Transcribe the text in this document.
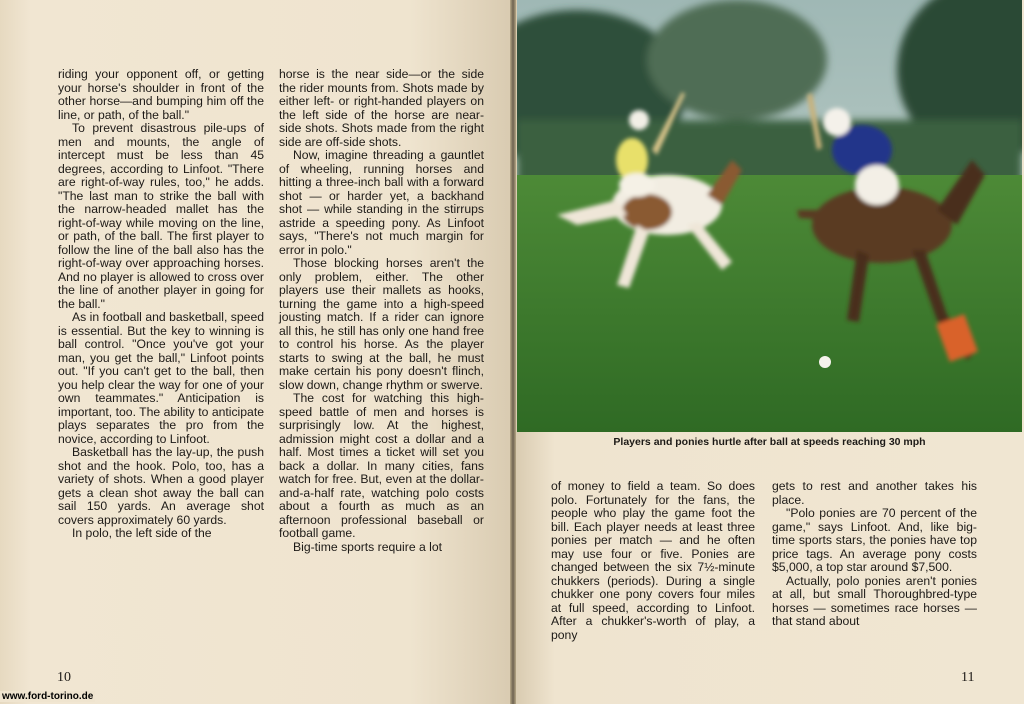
riding your opponent off, or getting your horse's shoulder in front of the other horse—and bumping him off the line, or path, of the ball."

To prevent disastrous pile-ups of men and mounts, the angle of intercept must be less than 45 degrees, according to Linfoot. "There are right-of-way rules, too," he adds. "The last man to strike the ball with the narrow-headed mallet has the right-of-way while moving on the line, or path, of the ball. The first player to follow the line of the ball also has the right-of-way over approaching horses. And no player is allowed to cross over the line of another player in going for the ball."

As in football and basketball, speed is essential. But the key to winning is ball control. "Once you've got your man, you get the ball," Linfoot points out. "If you can't get to the ball, then you help clear the way for one of your own teammates." Anticipation is important, too. The ability to anticipate plays separates the pro from the novice, according to Linfoot.

Basketball has the lay-up, the push shot and the hook. Polo, too, has a variety of shots. When a good player gets a clean shot away the ball can sail 150 yards. An average shot covers approximately 60 yards.

In polo, the left side of the

horse is the near side—or the side the rider mounts from. Shots made by either left- or right-handed players on the left side of the horse are near-side shots. Shots made from the right side are off-side shots.

Now, imagine threading a gauntlet of wheeling, running horses and hitting a three-inch ball with a forward shot — or harder yet, a backhand shot — while standing in the stirrups astride a speeding pony. As Linfoot says, "There's not much margin for error in polo."

Those blocking horses aren't the only problem, either. The other players use their mallets as hooks, turning the game into a high-speed jousting match. If a rider can ignore all this, he still has only one hand free to control his horse. As the player starts to swing at the ball, he must make certain his pony doesn't flinch, slow down, change rhythm or swerve.

The cost for watching this high-speed battle of men and horses is surprisingly low. At the highest, admission might cost a dollar and a half. Most times a ticket will set you back a dollar. In many cities, fans watch for free. But, even at the dollar-and-a-half rate, watching polo costs about a fourth as much as an afternoon professional baseball or football game.

Big-time sports require a lot

Players and ponies hurtle after ball at speeds reaching 30 mph

of money to field a team. So does polo. Fortunately for the fans, the people who play the game foot the bill. Each player needs at least three ponies per match — and he often may use four or five. Ponies are changed between the six 7½-minute chukkers (periods). During a single chukker one pony covers four miles at full speed, according to Linfoot. After a chukker's-worth of play, a pony

gets to rest and another takes his place.

"Polo ponies are 70 percent of the game," says Linfoot. And, like big-time sports stars, the ponies have top price tags. An average pony costs $5,000, a top star around $7,500.

Actually, polo ponies aren't ponies at all, but small Thoroughbred-type horses — sometimes race horses — that stand about

10	11
www.ford-torino.de
